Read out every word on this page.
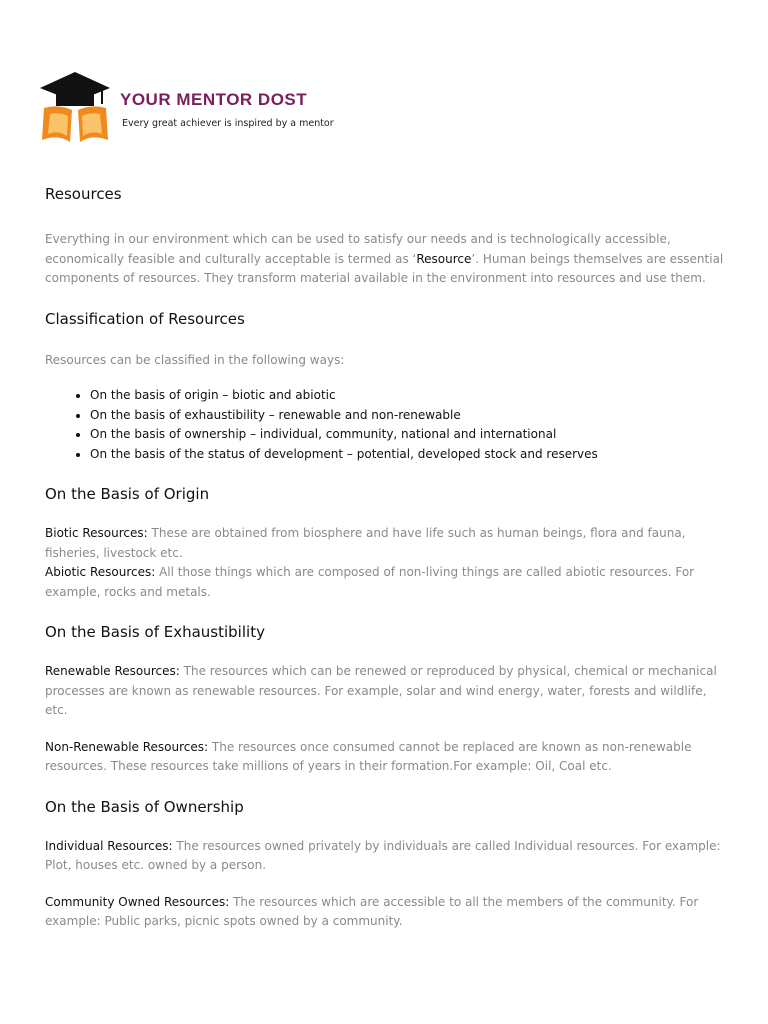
YOUR MENTOR DOST
Every great achiever is inspired by a mentor
Resources

Everything in our environment which can be used to satisfy our needs and is technologically accessible, economically feasible and culturally acceptable is termed as ‘Resource’. Human beings themselves are essential components of resources. They transform material available in the environment into resources and use them.

Classification of Resources

Resources can be classified in the following ways:

• On the basis of origin – biotic and abiotic
• On the basis of exhaustibility – renewable and non-renewable
• On the basis of ownership – individual, community, national and international
• On the basis of the status of development – potential, developed stock and reserves
On the Basis of Origin

Biotic Resources: These are obtained from biosphere and have life such as human beings, flora and fauna, fisheries, livestock etc.

Abiotic Resources: All those things which are composed of non-living things are called abiotic resources. For example, rocks and metals.

On the Basis of Exhaustibility

Renewable Resources: The resources which can be renewed or reproduced by physical, chemical or mechanical processes are known as renewable resources. For example, solar and wind energy, water, forests and wildlife, etc.

Non-Renewable Resources: The resources once consumed cannot be replaced are known as non-renewable resources. These resources take millions of years in their formation.For example: Oil, Coal etc.

On the Basis of Ownership

Individual Resources: The resources owned privately by individuals are called Individual resources. For example: Plot, houses etc. owned by a person.

Community Owned Resources: The resources which are accessible to all the members of the community. For example: Public parks, picnic spots owned by a community.
